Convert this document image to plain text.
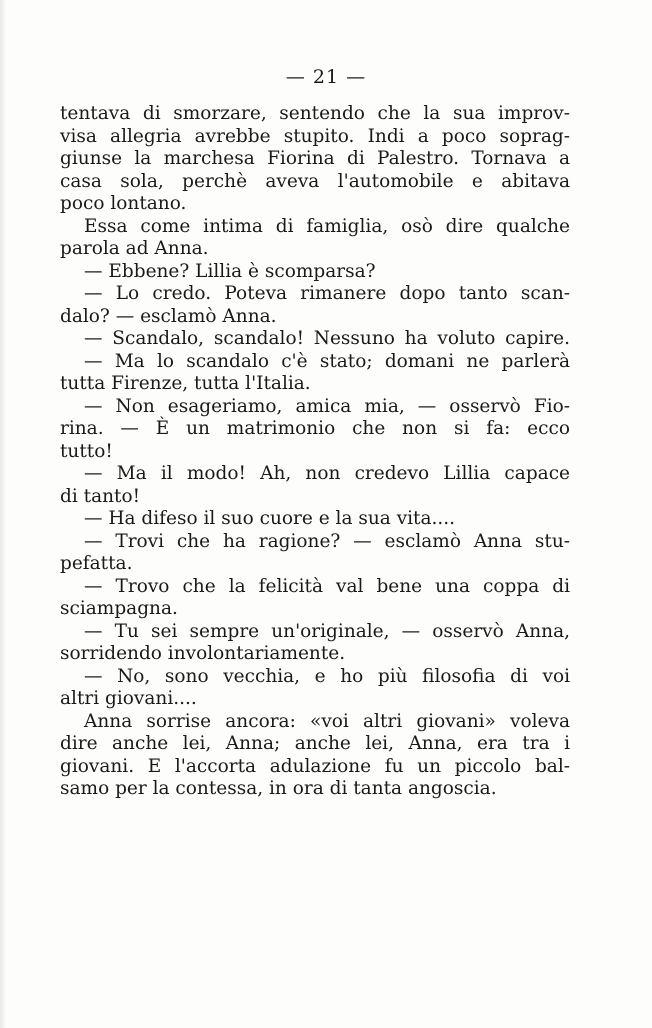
— 21 —
tentava di smorzare, sentendo che la sua improv-
visa allegria avrebbe stupito. Indi a poco soprag-
giunse la marchesa Fiorina di Palestro. Tornava a
casa sola, perchè aveva l'automobile e abitava
poco lontano.
Essa come intima di famiglia, osò dire qualche
parola ad Anna.
— Ebbene? Lillia è scomparsa?
— Lo credo. Poteva rimanere dopo tanto scan-
dalo? — esclamò Anna.
— Scandalo, scandalo! Nessuno ha voluto capire.
— Ma lo scandalo c'è stato; domani ne parlerà
tutta Firenze, tutta l'Italia.
— Non esageriamo, amica mia, — osservò Fio-
rina. — È un matrimonio che non si fa: ecco
tutto!
— Ma il modo! Ah, non credevo Lillia capace
di tanto!
— Ha difeso il suo cuore e la sua vita....
— Trovi che ha ragione? — esclamò Anna stu-
pefatta.
— Trovo che la felicità val bene una coppa di
sciampagna.
— Tu sei sempre un'originale, — osservò Anna,
sorridendo involontariamente.
— No, sono vecchia, e ho più filosofia di voi
altri giovani....
Anna sorrise ancora: «voi altri giovani» voleva
dire anche lei, Anna; anche lei, Anna, era tra i
giovani. E l'accorta adulazione fu un piccolo bal-
samo per la contessa, in ora di tanta angoscia.
